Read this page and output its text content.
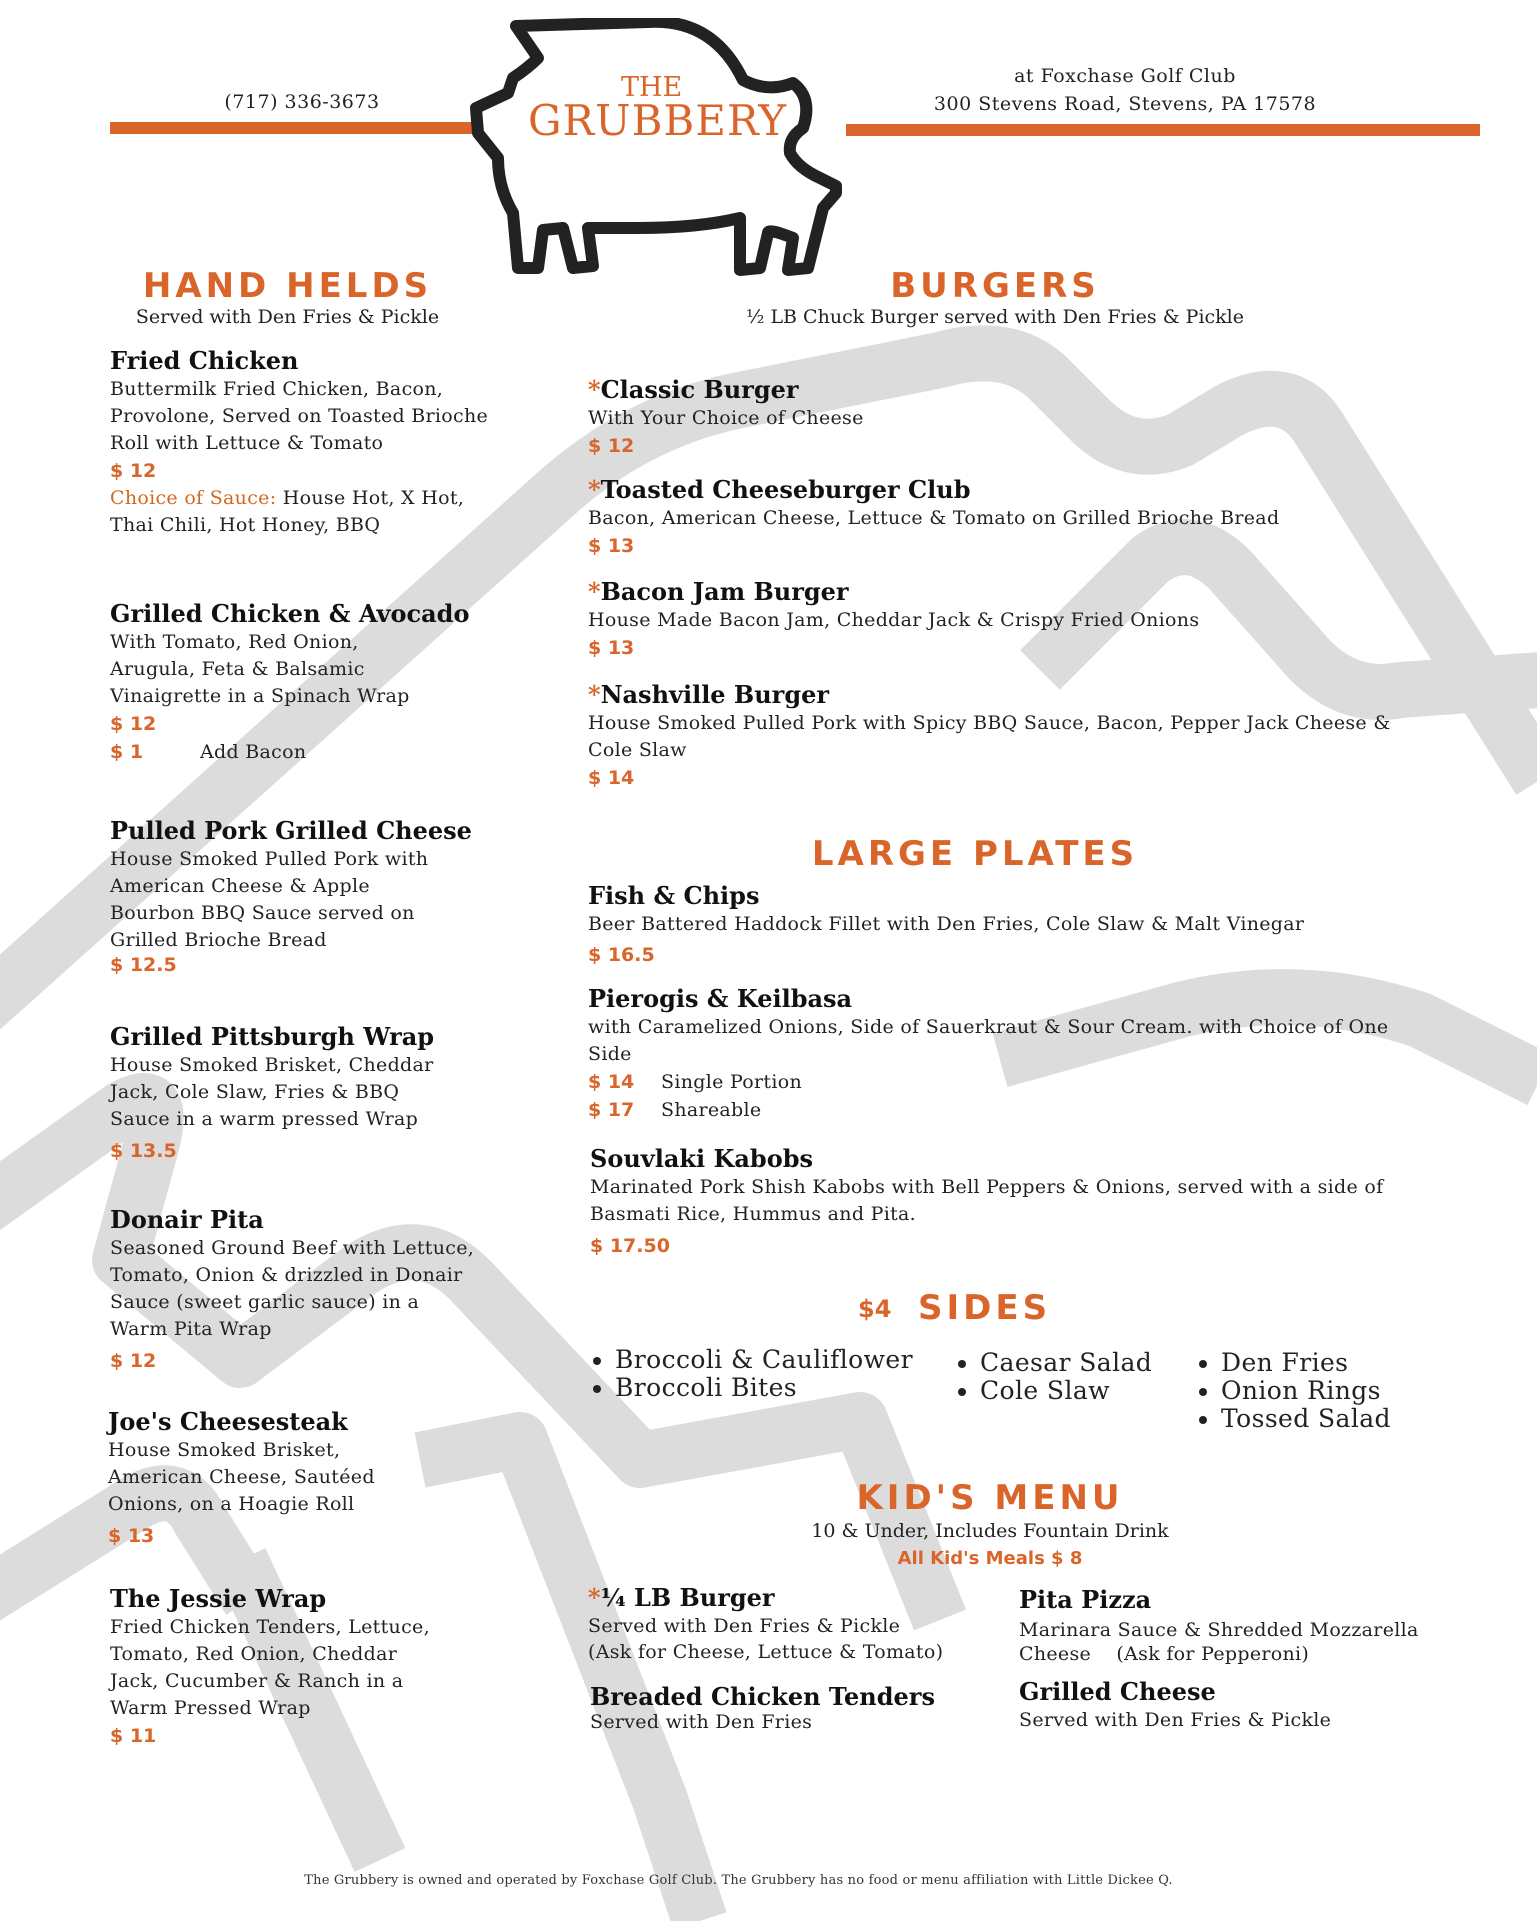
THE
GRUBBERY
(717) 336-3673
at Foxchase Golf Club
300 Stevens Road, Stevens, PA 17578
HAND HELDS
Served with Den Fries & Pickle
Fried Chicken
Buttermilk Fried Chicken, Bacon, Provolone, Served on Toasted Brioche Roll with Lettuce & Tomato
$ 12
Choice of Sauce: House Hot, X Hot, Thai Chili, Hot Honey, BBQ
Grilled Chicken & Avocado
With Tomato, Red Onion, Arugula, Feta & Balsamic Vinaigrette in a Spinach Wrap
$ 12
$ 1	Add Bacon
Pulled Pork Grilled Cheese
House Smoked Pulled Pork with American Cheese & Apple Bourbon BBQ Sauce served on Grilled Brioche Bread
$ 12.5
Grilled Pittsburgh Wrap
House Smoked Brisket, Cheddar Jack, Cole Slaw, Fries & BBQ Sauce in a warm pressed Wrap
$ 13.5
Donair Pita
Seasoned Ground Beef with Lettuce, Tomato, Onion & drizzled in Donair Sauce (sweet garlic sauce) in a Warm Pita Wrap
$ 12
Joe's Cheesesteak
House Smoked Brisket, American Cheese, Sautéed Onions, on a Hoagie Roll
$ 13
The Jessie Wrap
Fried Chicken Tenders, Lettuce, Tomato, Red Onion, Cheddar Jack, Cucumber & Ranch in a Warm Pressed Wrap
$ 11
BURGERS
½ LB Chuck Burger served with Den Fries & Pickle
*Classic Burger
With Your Choice of Cheese
$ 12
*Toasted Cheeseburger Club
Bacon, American Cheese, Lettuce & Tomato on Grilled Brioche Bread
$ 13
*Bacon Jam Burger
House Made Bacon Jam, Cheddar Jack & Crispy Fried Onions
$ 13
*Nashville Burger
House Smoked Pulled Pork with Spicy BBQ Sauce, Bacon, Pepper Jack Cheese & Cole Slaw
$ 14
LARGE PLATES
Fish & Chips
Beer Battered Haddock Fillet with Den Fries, Cole Slaw & Malt Vinegar
$ 16.5
Pierogis & Keilbasa
with Caramelized Onions, Side of Sauerkraut & Sour Cream. with Choice of One Side
$ 14	Single Portion
$ 17	Shareable
Souvlaki Kabobs
Marinated Pork Shish Kabobs with Bell Peppers & Onions, served with a side of Basmati Rice, Hummus and Pita.
$ 17.50
$4 SIDES
• Broccoli & Cauliflower
• Broccoli Bites
• Caesar Salad
• Cole Slaw
• Den Fries
• Onion Rings
• Tossed Salad
KID'S MENU
10 & Under, Includes Fountain Drink
All Kid's Meals $ 8
*¼ LB Burger
Served with Den Fries & Pickle
(Ask for Cheese, Lettuce & Tomato)
Pita Pizza
Marinara Sauce & Shredded Mozzarella
Cheese    (Ask for Pepperoni)
Breaded Chicken Tenders
Served with Den Fries
Grilled Cheese
Served with Den Fries & Pickle
The Grubbery is owned and operated by Foxchase Golf Club. The Grubbery has no food or menu affiliation with Little Dickee Q.
